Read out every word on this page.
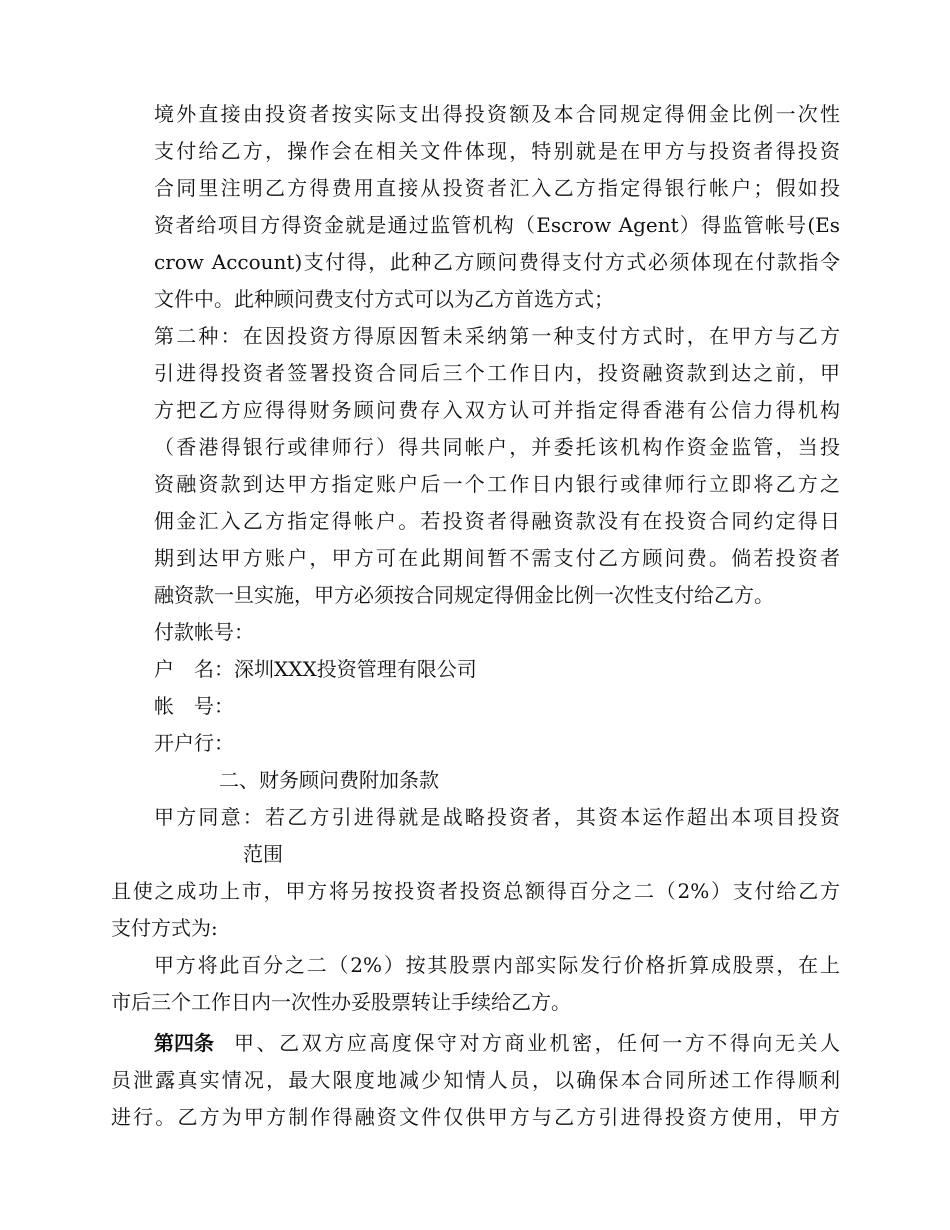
境外直接由投资者按实际支出得投资额及本合同规定得佣金比例一次性
支付给乙方，操作会在相关文件体现，特别就是在甲方与投资者得投资
合同里注明乙方得费用直接从投资者汇入乙方指定得银行帐户；假如投
资者给项目方得资金就是通过监管机构（Escrow Agent）得监管帐号(Es
crow Account)支付得，此种乙方顾问费得支付方式必须体现在付款指令
文件中。此种顾问费支付方式可以为乙方首选方式；
第二种：在因投资方得原因暂未采纳第一种支付方式时，在甲方与乙方
引进得投资者签署投资合同后三个工作日内，投资融资款到达之前，甲
方把乙方应得得财务顾问费存入双方认可并指定得香港有公信力得机构
（香港得银行或律师行）得共同帐户，并委托该机构作资金监管，当投
资融资款到达甲方指定账户后一个工作日内银行或律师行立即将乙方之
佣金汇入乙方指定得帐户。若投资者得融资款没有在投资合同约定得日
期到达甲方账户，甲方可在此期间暂不需支付乙方顾问费。倘若投资者
融资款一旦实施，甲方必须按合同规定得佣金比例一次性支付给乙方。
付款帐号：
户　名：深圳XXX投资管理有限公司
帐　号：
开户行：
二、财务顾问费附加条款
甲方同意：若乙方引进得就是战略投资者，其资本运作超出本项目投资
范围
且使之成功上市，甲方将另按投资者投资总额得百分之二（2%）支付给乙方
支付方式为:
甲方将此百分之二（2%）按其股票内部实际发行价格折算成股票，在上
市后三个工作日内一次性办妥股票转让手续给乙方。
第四条 甲、乙双方应高度保守对方商业机密，任何一方不得向无关人
员泄露真实情况，最大限度地减少知情人员，以确保本合同所述工作得顺利
进行。乙方为甲方制作得融资文件仅供甲方与乙方引进得投资方使用，甲方
